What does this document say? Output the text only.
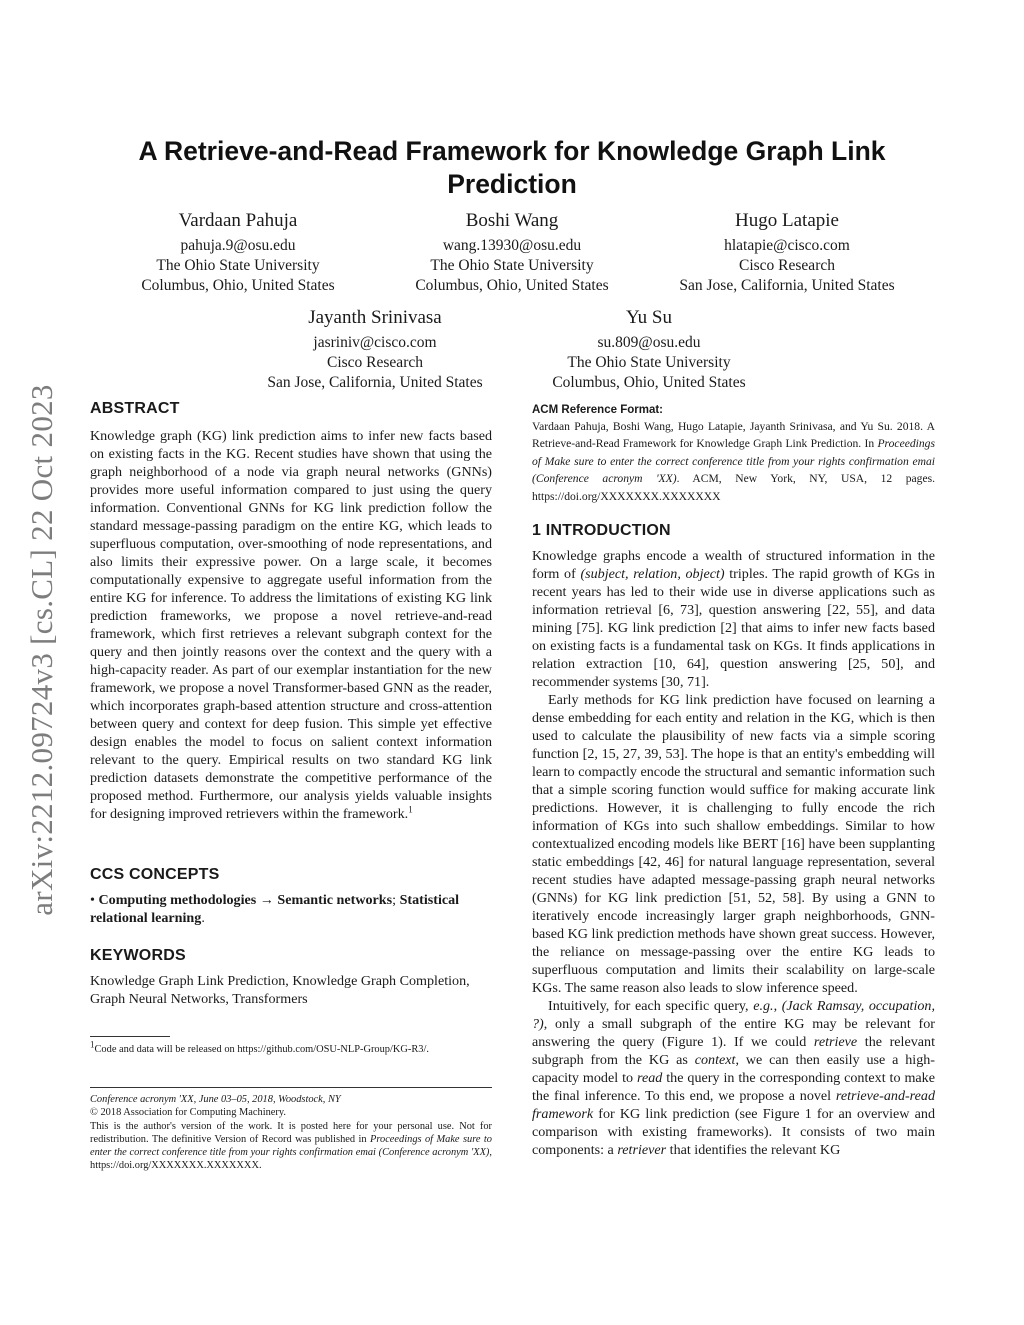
arXiv:2212.09724v3 [cs.CL] 22 Oct 2023
A Retrieve-and-Read Framework for Knowledge Graph Link
Prediction
Vardaan Pahuja
pahuja.9@osu.edu
The Ohio State University
Columbus, Ohio, United States
Boshi Wang
wang.13930@osu.edu
The Ohio State University
Columbus, Ohio, United States
Hugo Latapie
hlatapie@cisco.com
Cisco Research
San Jose, California, United States
Jayanth Srinivasa
jasriniv@cisco.com
Cisco Research
San Jose, California, United States
Yu Su
su.809@osu.edu
The Ohio State University
Columbus, Ohio, United States
ABSTRACT

Knowledge graph (KG) link prediction aims to infer new facts based on existing facts in the KG. Recent studies have shown that using the graph neighborhood of a node via graph neural networks (GNNs) provides more useful information compared to just using the query information. Conventional GNNs for KG link prediction follow the standard message-passing paradigm on the entire KG, which leads to superfluous computation, over-smoothing of node representations, and also limits their expressive power. On a large scale, it becomes computationally expensive to aggregate useful information from the entire KG for inference. To address the limitations of existing KG link prediction frameworks, we propose a novel retrieve-and-read framework, which first retrieves a relevant subgraph context for the query and then jointly reasons over the context and the query with a high-capacity reader. As part of our exemplar instantiation for the new framework, we propose a novel Transformer-based GNN as the reader, which incorporates graph-based attention structure and cross-attention between query and context for deep fusion. This simple yet effective design enables the model to focus on salient context information relevant to the query. Empirical results on two standard KG link prediction datasets demonstrate the competitive performance of the proposed method. Furthermore, our analysis yields valuable insights for designing improved retrievers within the framework.$^1$

CCS CONCEPTS

• Computing methodologies → Semantic networks; Statistical relational learning.

KEYWORDS

Knowledge Graph Link Prediction, Knowledge Graph Completion, Graph Neural Networks, Transformers

$^1$Code and data will be released on https://github.com/OSU-NLP-Group/KG-R3/.
Conference acronym 'XX, June 03–05, 2018, Woodstock, NY
© 2018 Association for Computing Machinery.
This is the author's version of the work. It is posted here for your personal use. Not for redistribution. The definitive Version of Record was published in Proceedings of Make sure to enter the correct conference title from your rights confirmation emai (Conference acronym 'XX), https://doi.org/XXXXXXX.XXXXXXX.
ACM Reference Format:
Vardaan Pahuja, Boshi Wang, Hugo Latapie, Jayanth Srinivasa, and Yu Su. 2018. A Retrieve-and-Read Framework for Knowledge Graph Link Prediction. In Proceedings of Make sure to enter the correct conference title from your rights confirmation emai (Conference acronym 'XX). ACM, New York, NY, USA, 12 pages. https://doi.org/XXXXXXX.XXXXXXX
1 INTRODUCTION

Knowledge graphs encode a wealth of structured information in the form of (subject, relation, object) triples. The rapid growth of KGs in recent years has led to their wide use in diverse applications such as information retrieval [6, 73], question answering [22, 55], and data mining [75]. KG link prediction [2] that aims to infer new facts based on existing facts is a fundamental task on KGs. It finds applications in relation extraction [10, 64], question answering [25, 50], and recommender systems [30, 71].

Early methods for KG link prediction have focused on learning a dense embedding for each entity and relation in the KG, which is then used to calculate the plausibility of new facts via a simple scoring function [2, 15, 27, 39, 53]. The hope is that an entity's embedding will learn to compactly encode the structural and semantic information such that a simple scoring function would suffice for making accurate link predictions. However, it is challenging to fully encode the rich information of KGs into such shallow embeddings. Similar to how contextualized encoding models like BERT [16] have been supplanting static embeddings [42, 46] for natural language representation, several recent studies have adapted message-passing graph neural networks (GNNs) for KG link prediction [51, 52, 58]. By using a GNN to iteratively encode increasingly larger graph neighborhoods, GNN-based KG link prediction methods have shown great success. However, the reliance on message-passing over the entire KG leads to superfluous computation and limits their scalability on large-scale KGs. The same reason also leads to slow inference speed.

Intuitively, for each specific query, e.g., (Jack Ramsay, occupation, ?), only a small subgraph of the entire KG may be relevant for answering the query (Figure 1). If we could retrieve the relevant subgraph from the KG as context, we can then easily use a high-capacity model to read the query in the corresponding context to make the final inference. To this end, we propose a novel retrieve-and-read framework for KG link prediction (see Figure 1 for an overview and comparison with existing frameworks). It consists of two main components: a retriever that identifies the relevant KG
